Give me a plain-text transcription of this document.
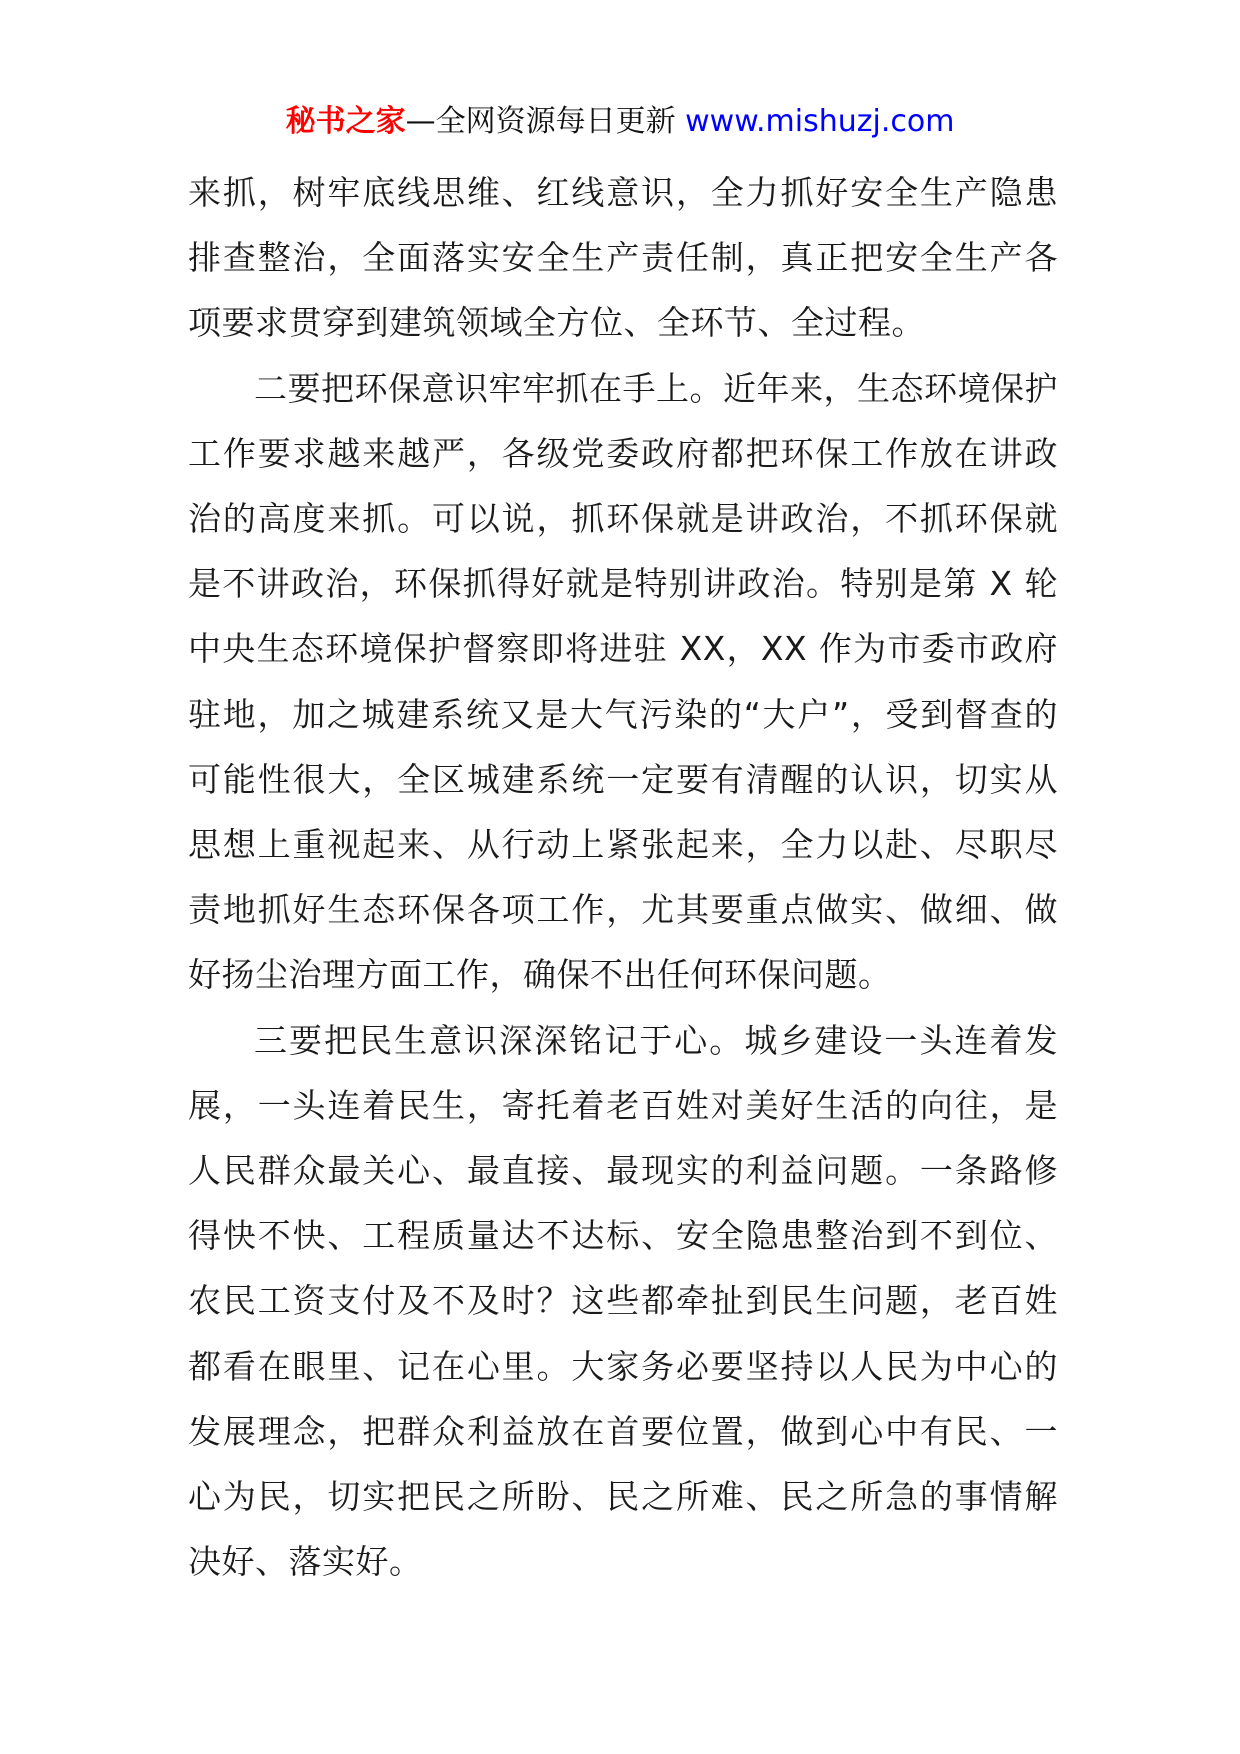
秘书之家—全网资源每日更新 www.mishuzj.com

来抓，树牢底线思维、红线意识，全力抓好安全生产隐患排查整治，全面落实安全生产责任制，真正把安全生产各项要求贯穿到建筑领域全方位、全环节、全过程。

二要把环保意识牢牢抓在手上。近年来，生态环境保护工作要求越来越严，各级党委政府都把环保工作放在讲政治的高度来抓。可以说，抓环保就是讲政治，不抓环保就是不讲政治，环保抓得好就是特别讲政治。特别是第 X 轮中央生态环境保护督察即将进驻 XX，XX 作为市委市政府驻地，加之城建系统又是大气污染的“大户”，受到督查的可能性很大，全区城建系统一定要有清醒的认识，切实从思想上重视起来、从行动上紧张起来，全力以赴、尽职尽责地抓好生态环保各项工作，尤其要重点做实、做细、做好扬尘治理方面工作，确保不出任何环保问题。

三要把民生意识深深铭记于心。城乡建设一头连着发展，一头连着民生，寄托着老百姓对美好生活的向往，是人民群众最关心、最直接、最现实的利益问题。一条路修得快不快、工程质量达不达标、安全隐患整治到不到位、农民工资支付及不及时？这些都牵扯到民生问题，老百姓都看在眼里、记在心里。大家务必要坚持以人民为中心的发展理念，把群众利益放在首要位置，做到心中有民、一心为民，切实把民之所盼、民之所难、民之所急的事情解决好、落实好。
